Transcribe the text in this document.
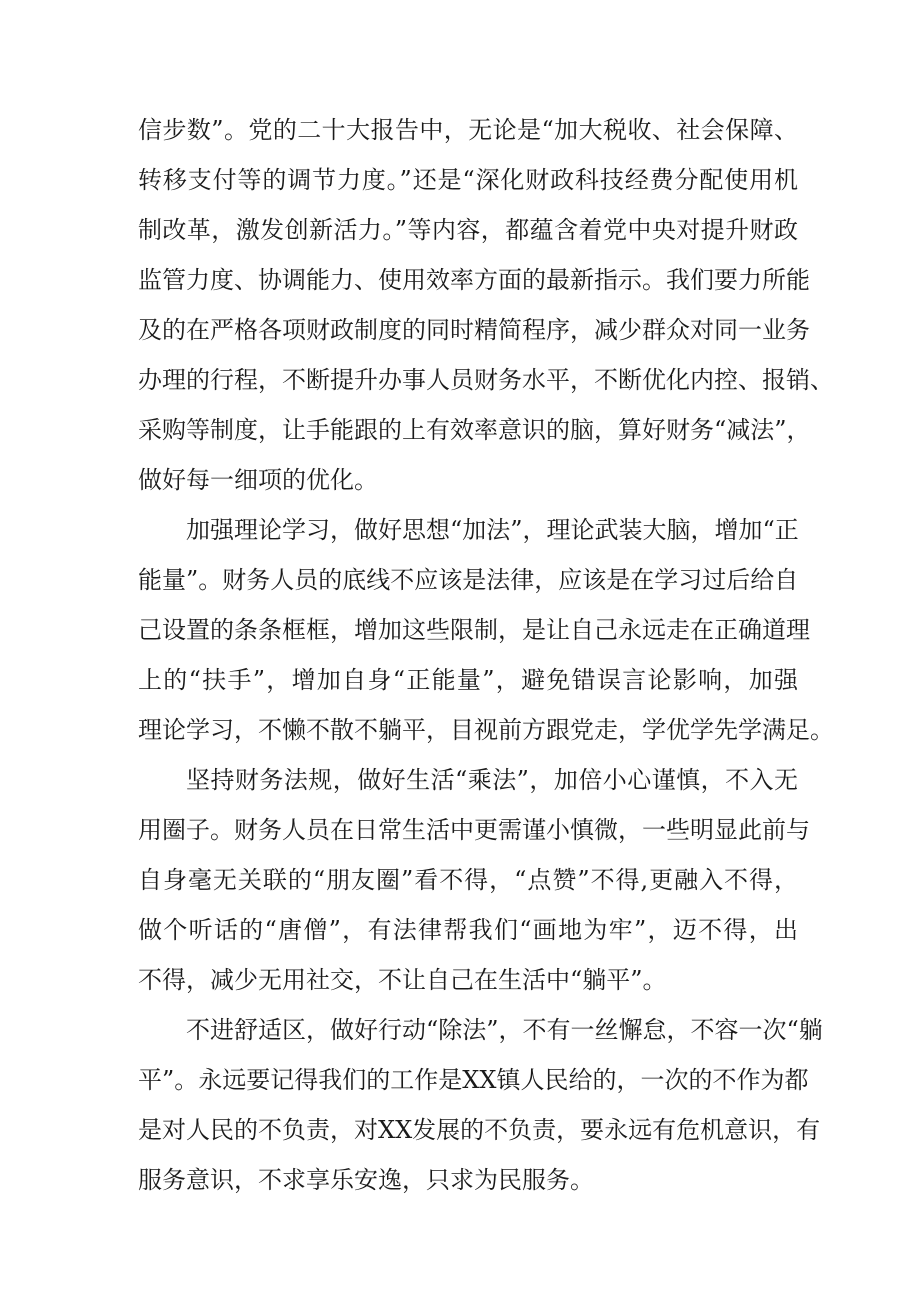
信步数”。党的二十大报告中，无论是“加大税收、社会保障、
转移支付等的调节力度。”还是“深化财政科技经费分配使用机
制改革，激发创新活力。”等内容，都蕴含着党中央对提升财政
监管力度、协调能力、使用效率方面的最新指示。我们要力所能
及的在严格各项财政制度的同时精简程序，减少群众对同一业务
办理的行程，不断提升办事人员财务水平，不断优化内控、报销、
采购等制度，让手能跟的上有效率意识的脑，算好财务“减法”，
做好每一细项的优化。
加强理论学习，做好思想“加法”，理论武装大脑，增加“正
能量”。财务人员的底线不应该是法律，应该是在学习过后给自
己设置的条条框框，增加这些限制，是让自己永远走在正确道理
上的“扶手”，增加自身“正能量”，避免错误言论影响，加强
理论学习，不懒不散不躺平，目视前方跟党走，学优学先学满足。
坚持财务法规，做好生活“乘法”，加倍小心谨慎，不入无
用圈子。财务人员在日常生活中更需谨小慎微，一些明显此前与
自身毫无关联的“朋友圈”看不得，“点赞”不得,更融入不得，
做个听话的“唐僧”，有法律帮我们“画地为牢”，迈不得，出
不得，减少无用社交，不让自己在生活中“躺平”。
不进舒适区，做好行动“除法”，不有一丝懈怠，不容一次“躺
平”。永远要记得我们的工作是XX镇人民给的，一次的不作为都
是对人民的不负责，对XX发展的不负责，要永远有危机意识，有
服务意识，不求享乐安逸，只求为民服务。
